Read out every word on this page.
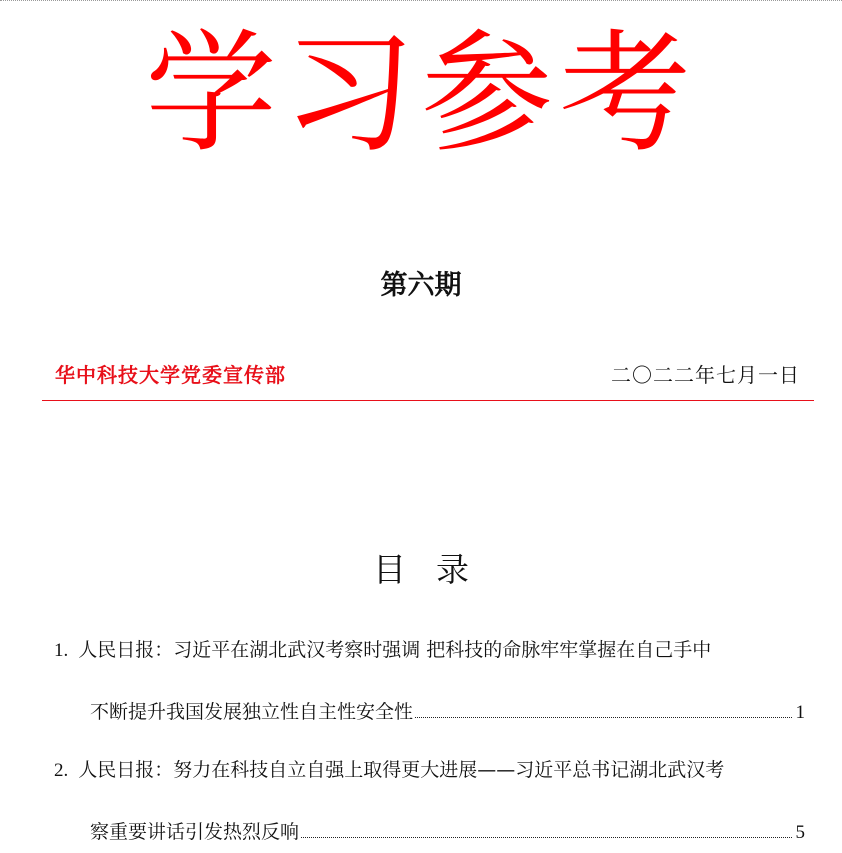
学习参考
第六期
华中科技大学党委宣传部	二〇二二年七月一日
目录
1. 人民日报：习近平在湖北武汉考察时强调 把科技的命脉牢牢掌握在自己手中
不断提升我国发展独立性自主性安全性	1
2. 人民日报：努力在科技自立自强上取得更大进展——习近平总书记湖北武汉考
察重要讲话引发热烈反响	5
